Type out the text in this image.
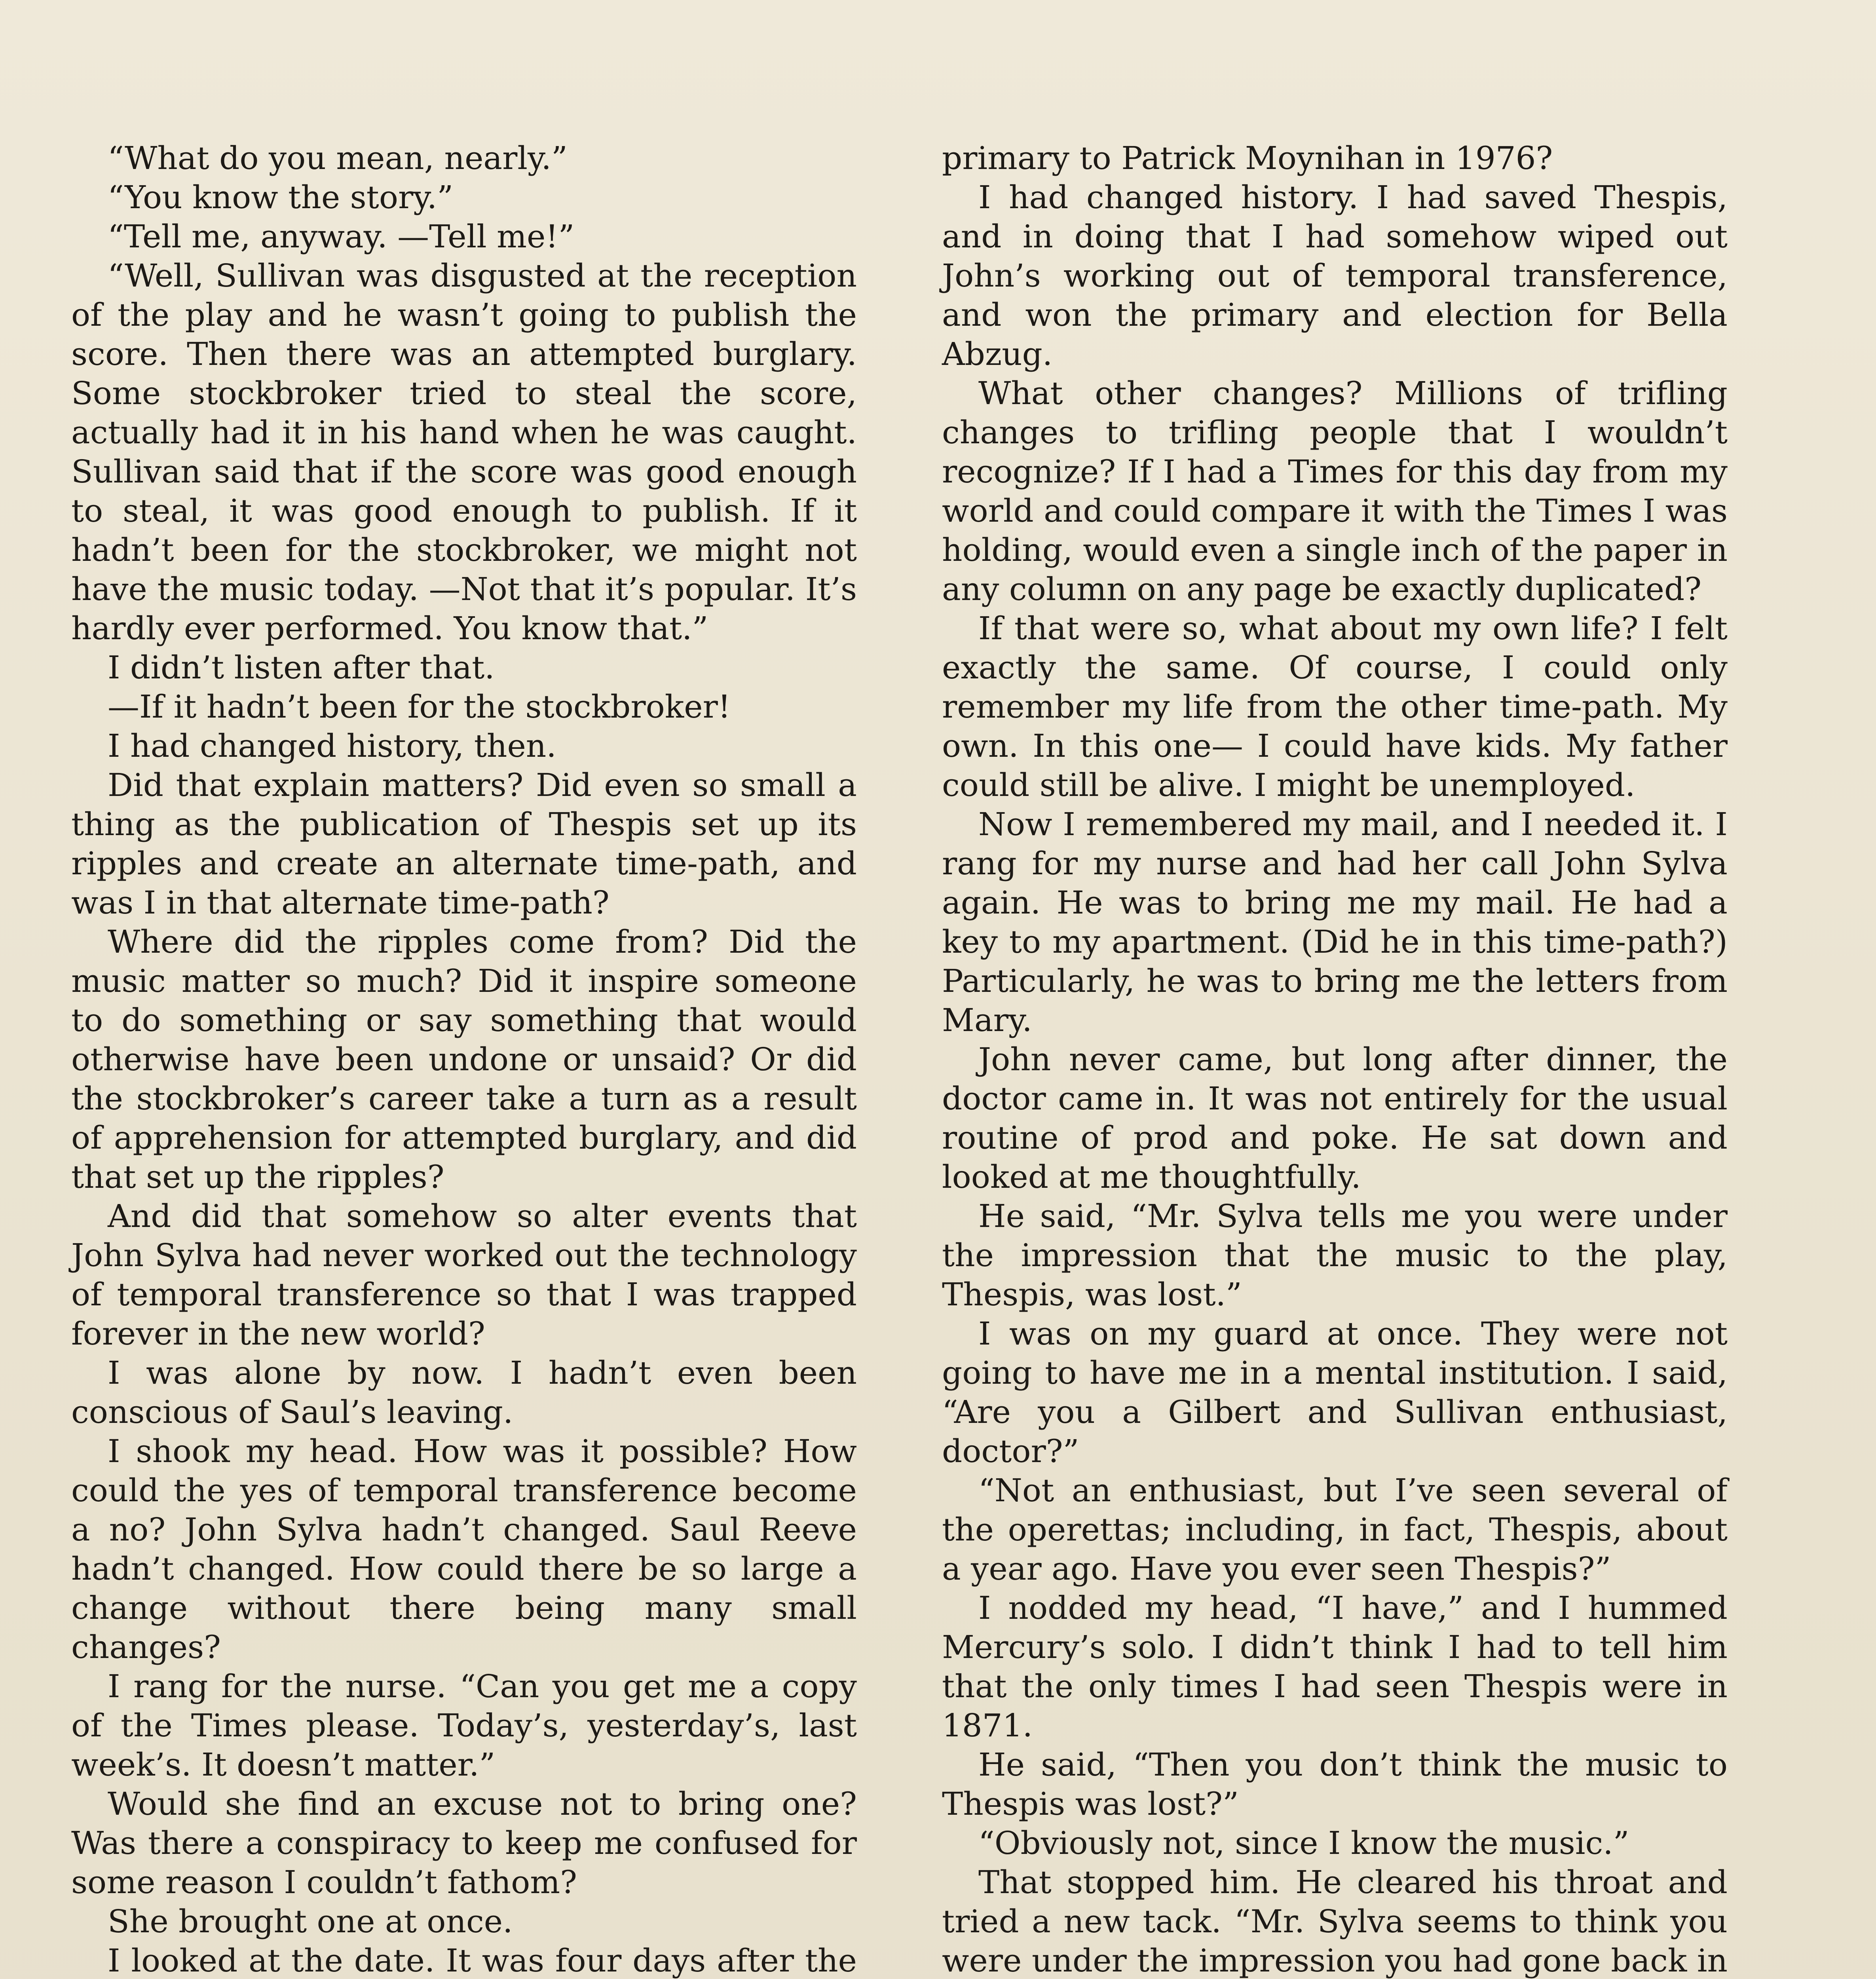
“What do you mean, nearly.”

“You know the story.”

“Tell me, anyway. —Tell me!”

“Well, Sullivan was disgusted at the reception of the play and he wasn’t going to publish the score. Then there was an attempted burglary. Some stockbroker tried to steal the score, actually had it in his hand when he was caught. Sullivan said that if the score was good enough to steal, it was good enough to publish. If it hadn’t been for the stockbroker, we might not have the music today. —Not that it’s popular. It’s hardly ever performed. You know that.”

I didn’t listen after that.

—If it hadn’t been for the stockbroker!

I had changed history, then.

Did that explain matters? Did even so small a thing as the publication of Thespis set up its ripples and create an alternate time-path, and was I in that alternate time-path?

Where did the ripples come from? Did the music matter so much? Did it inspire someone to do something or say something that would otherwise have been undone or unsaid? Or did the stockbroker’s career take a turn as a result of apprehension for attempted burglary, and did that set up the ripples?

And did that somehow so alter events that John Sylva had never worked out the technology of temporal transference so that I was trapped forever in the new world?

I was alone by now. I hadn’t even been conscious of Saul’s leaving.

I shook my head. How was it possible? How could the yes of temporal transference become a no? John Sylva hadn’t changed. Saul Reeve hadn’t changed. How could there be so large a change without there being many small changes?

I rang for the nurse. “Can you get me a copy of the Times please. Today’s, yesterday’s, last week’s. It doesn’t matter.”

Would she find an excuse not to bring one? Was there a conspiracy to keep me confused for some reason I couldn’t fathom?

She brought one at once.

I looked at the date. It was four days after the

primary to Patrick Moynihan in 1976?

I had changed history. I had saved Thespis, and in doing that I had somehow wiped out John’s working out of temporal transference, and won the primary and election for Bella Abzug.

What other changes? Millions of trifling changes to trifling people that I wouldn’t recognize? If I had a Times for this day from my world and could compare it with the Times I was holding, would even a single inch of the paper in any column on any page be exactly duplicated?

If that were so, what about my own life? I felt exactly the same. Of course, I could only remember my life from the other time-path. My own. In this one— I could have kids. My father could still be alive. I might be unemployed.

Now I remembered my mail, and I needed it. I rang for my nurse and had her call John Sylva again. He was to bring me my mail. He had a key to my apartment. (Did he in this time-path?) Particularly, he was to bring me the letters from Mary.

John never came, but long after dinner, the doctor came in. It was not entirely for the usual routine of prod and poke. He sat down and looked at me thoughtfully.

He said, “Mr. Sylva tells me you were under the impression that the music to the play, Thespis, was lost.”

I was on my guard at once. They were not going to have me in a mental institution. I said, “Are you a Gilbert and Sullivan enthusiast, doctor?”

“Not an enthusiast, but I’ve seen several of the operettas; including, in fact, Thespis, about a year ago. Have you ever seen Thespis?”

I nodded my head, “I have,” and I hummed Mercury’s solo. I didn’t think I had to tell him that the only times I had seen Thespis were in 1871.

He said, “Then you don’t think the music to Thespis was lost?”

“Obviously not, since I know the music.”

That stopped him. He cleared his throat and tried a new tack. “Mr. Sylva seems to think you were under the impression you had gone back in
